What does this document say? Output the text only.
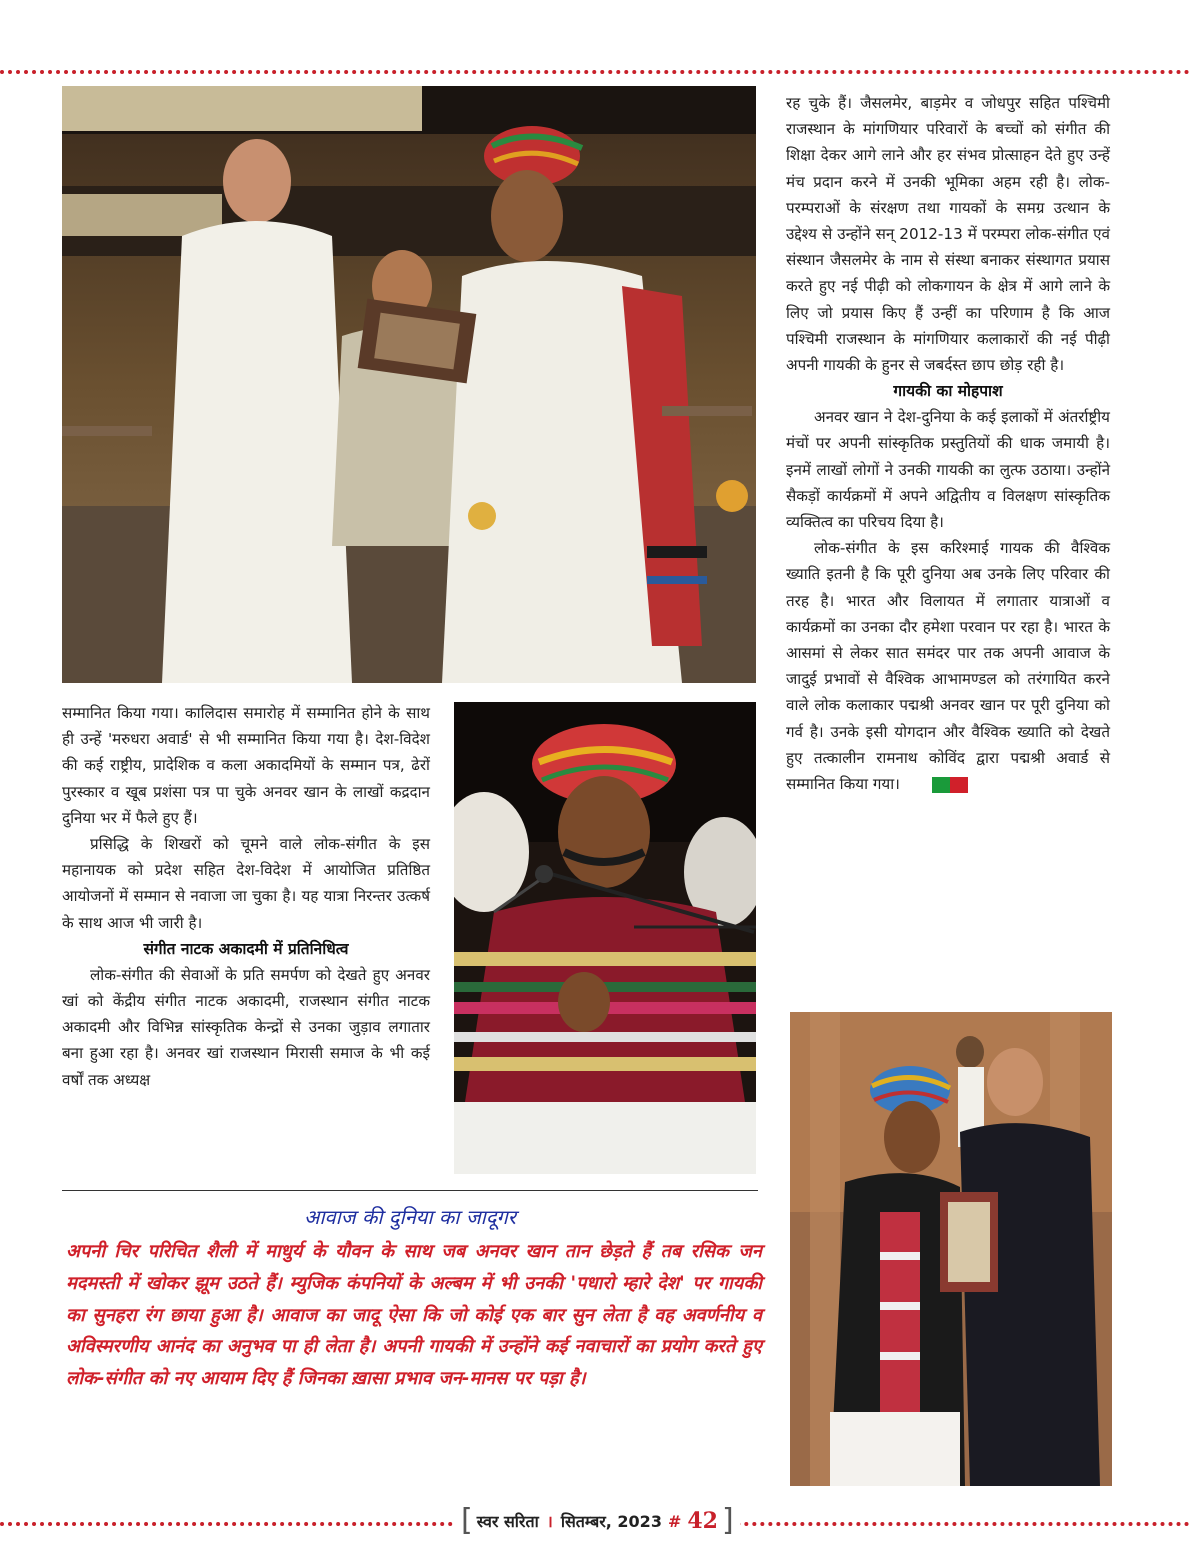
रह चुके हैं। जैसलमेर, बाड़मेर व जोधपुर सहित पश्चिमी राजस्थान के मांगणियार परिवारों के बच्चों को संगीत की शिक्षा देकर आगे लाने और हर संभव प्रोत्साहन देते हुए उन्हें मंच प्रदान करने में उनकी भूमिका अहम रही है। लोक-परम्पराओं के संरक्षण तथा गायकों के समग्र उत्थान के उद्देश्य से उन्होंने सन् 2012-13 में परम्परा लोक-संगीत एवं संस्थान जैसलमेर के नाम से संस्था बनाकर संस्थागत प्रयास करते हुए नई पीढ़ी को लोकगायन के क्षेत्र में आगे लाने के लिए जो प्रयास किए हैं उन्हीं का परिणाम है कि आज पश्चिमी राजस्थान के मांगणियार कलाकारों की नई पीढ़ी अपनी गायकी के हुनर से जबर्दस्त छाप छोड़ रही है।

गायकी का मोहपाश

अनवर खान ने देश-दुनिया के कई इलाकों में अंतर्राष्ट्रीय मंचों पर अपनी सांस्कृतिक प्रस्तुतियों की धाक जमायी है। इनमें लाखों लोगों ने उनकी गायकी का लुत्फ उठाया। उन्होंने सैकड़ों कार्यक्रमों में अपने अद्वितीय व विलक्षण सांस्कृतिक व्यक्तित्व का परिचय दिया है।

लोक-संगीत के इस करिश्माई गायक की वैश्विक ख्याति इतनी है कि पूरी दुनिया अब उनके लिए परिवार की तरह है। भारत और विलायत में लगातार यात्राओं व कार्यक्रमों का उनका दौर हमेशा परवान पर रहा है। भारत के आसमां से लेकर सात समंदर पार तक अपनी आवाज के जादुई प्रभावों से वैश्विक आभामण्डल को तरंगायित करने वाले लोक कलाकार पद्मश्री अनवर खान पर पूरी दुनिया को गर्व है। उनके इसी योगदान और वैश्विक ख्याति को देखते हुए तत्कालीन रामनाथ कोविंद द्वारा पद्मश्री अवार्ड से सम्मानित किया गया।

सम्मानित किया गया। कालिदास समारोह में सम्मानित होने के साथ ही उन्हें 'मरुधरा अवार्ड' से भी सम्मानित किया गया है। देश-विदेश की कई राष्ट्रीय, प्रादेशिक व कला अकादमियों के सम्मान पत्र, ढेरों पुरस्कार व खूब प्रशंसा पत्र पा चुके अनवर खान के लाखों कद्रदान दुनिया भर में फैले हुए हैं।

प्रसिद्धि के शिखरों को चूमने वाले लोक-संगीत के इस महानायक को प्रदेश सहित देश-विदेश में आयोजित प्रतिष्ठित आयोजनों में सम्मान से नवाजा जा चुका है। यह यात्रा निरन्तर उत्कर्ष के साथ आज भी जारी है।

संगीत नाटक अकादमी में प्रतिनिधित्व

लोक-संगीत की सेवाओं के प्रति समर्पण को देखते हुए अनवर खां को केंद्रीय संगीत नाटक अकादमी, राजस्थान संगीत नाटक अकादमी और विभिन्न सांस्कृतिक केन्द्रों से उनका जुड़ाव लगातार बना हुआ रहा है। अनवर खां राजस्थान मिरासी समाज के भी कई वर्षों तक अध्यक्ष

आवाज की दुनिया का जादूगर
अपनी चिर परिचित शैली में माधुर्य के यौवन के साथ जब अनवर खान तान छेड़ते हैं तब रसिक जन मदमस्ती में खोकर झूम उठते हैं। म्युजिक कंपनियों के अल्बम में भी उनकी 'पधारो म्हारे देश' पर गायकी का सुनहरा रंग छाया हुआ है। आवाज का जादू ऐसा कि जो कोई एक बार सुन लेता है वह अवर्णनीय व अविस्मरणीय आनंद का अनुभव पा ही लेता है। अपनी गायकी में उन्होंने कई नवाचारों का प्रयोग करते हुए लोक-संगीत को नए आयाम दिए हैं जिनका ख़ासा प्रभाव जन-मानस पर पड़ा है।
[ स्वर सरिता । सितम्बर, 2023 # 42 ]
